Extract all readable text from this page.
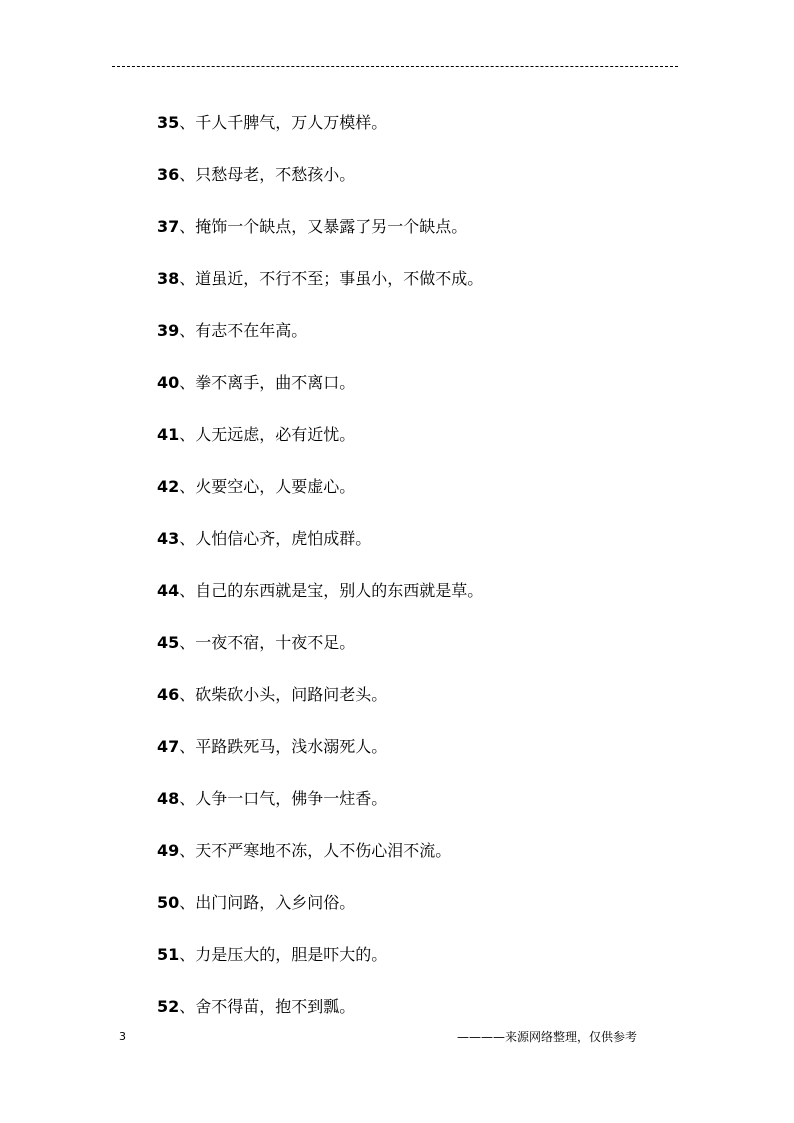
35、千人千脾气，万人万模样。
36、只愁母老，不愁孩小。
37、掩饰一个缺点，又暴露了另一个缺点。
38、道虽近，不行不至；事虽小，不做不成。
39、有志不在年高。
40、拳不离手，曲不离口。
41、人无远虑，必有近忧。
42、火要空心，人要虚心。
43、人怕信心齐，虎怕成群。
44、自己的东西就是宝，别人的东西就是草。
45、一夜不宿，十夜不足。
46、砍柴砍小头，问路问老头。
47、平路跌死马，浅水溺死人。
48、人争一口气，佛争一炷香。
49、天不严寒地不冻，人不伤心泪不流。
50、出门问路，入乡问俗。
51、力是压大的，胆是吓大的。
52、舍不得苗，抱不到瓢。
3	————来源网络整理，仅供参考
